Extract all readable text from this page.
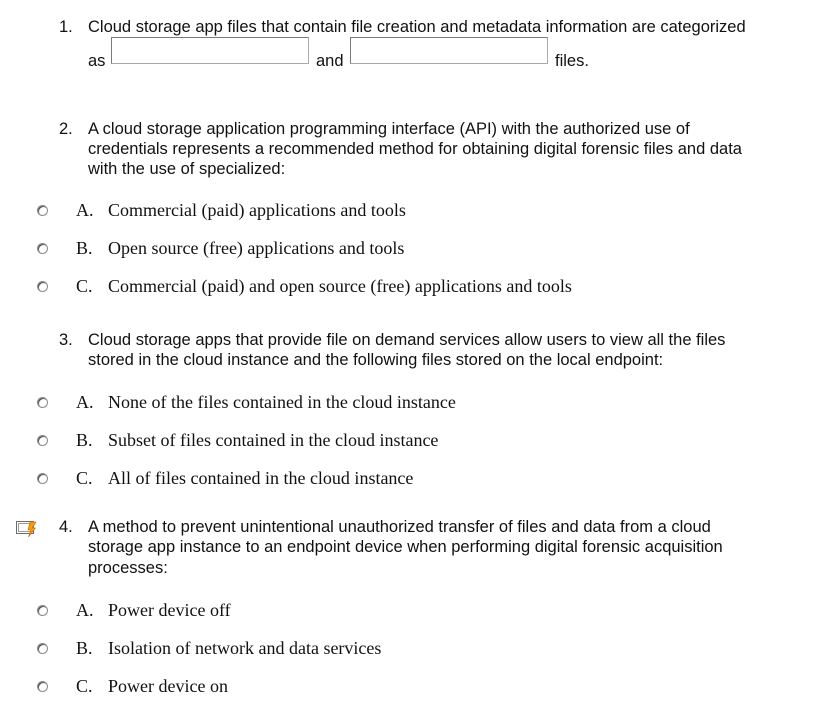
1. Cloud storage app files that contain file creation and metadata information are categorized
as	and	files.
2. A cloud storage application programming interface (API) with the authorized use of
credentials represents a recommended method for obtaining digital forensic files and data
with the use of specialized:
A. Commercial (paid) applications and tools
B. Open source (free) applications and tools
C. Commercial (paid) and open source (free) applications and tools
3. Cloud storage apps that provide file on demand services allow users to view all the files
stored in the cloud instance and the following files stored on the local endpoint:
A. None of the files contained in the cloud instance
B. Subset of files contained in the cloud instance
C. All of files contained in the cloud instance
4. A method to prevent unintentional unauthorized transfer of files and data from a cloud
storage app instance to an endpoint device when performing digital forensic acquisition
processes:
A. Power device off
B. Isolation of network and data services
C. Power device on
